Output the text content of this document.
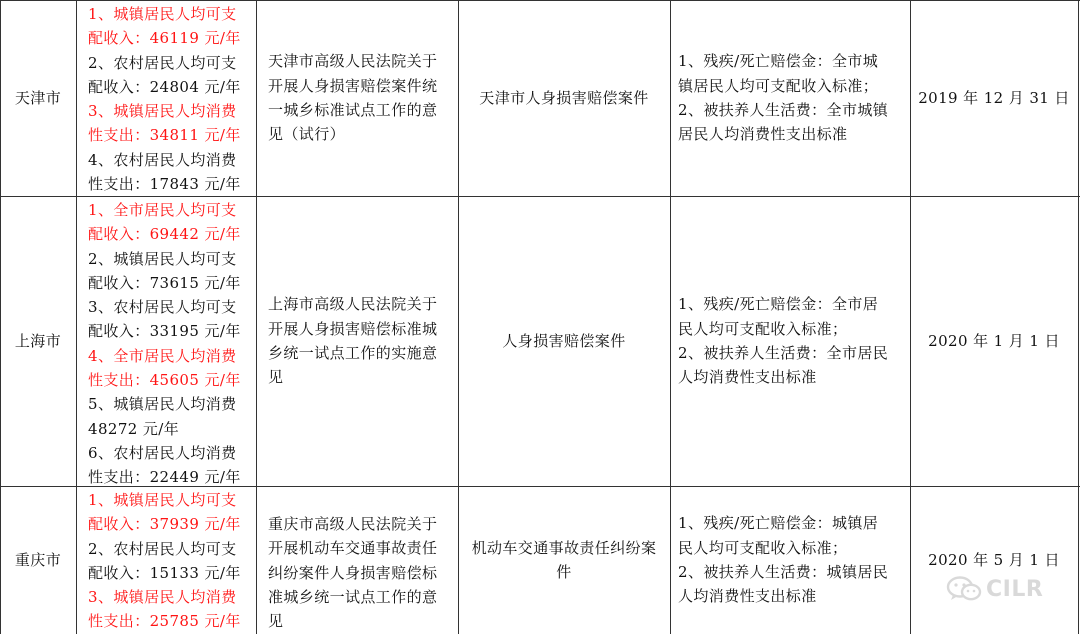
天津市
1、城镇居民人均可支
配收入：46119 元/年
2、农村居民人均可支
配收入：24804 元/年
3、城镇居民人均消费
性支出：34811 元/年
4、农村居民人均消费
性支出：17843 元/年
天津市高级人民法院关于
开展人身损害赔偿案件统
一城乡标准试点工作的意
见（试行）
天津市人身损害赔偿案件
1、残疾/死亡赔偿金：全市城
镇居民人均可支配收入标准；
2、被扶养人生活费：全市城镇
居民人均消费性支出标准
2019 年 12 月 31 日
上海市
1、全市居民人均可支
配收入：69442 元/年
2、城镇居民人均可支
配收入：73615 元/年
3、农村居民人均可支
配收入：33195 元/年
4、全市居民人均消费
性支出：45605 元/年
5、城镇居民人均消费
48272 元/年
6、农村居民人均消费
性支出：22449 元/年
上海市高级人民法院关于
开展人身损害赔偿标准城
乡统一试点工作的实施意
见
人身损害赔偿案件
1、残疾/死亡赔偿金：全市居
民人均可支配收入标准；
2、被扶养人生活费：全市居民
人均消费性支出标准
2020 年 1 月 1 日
重庆市
1、城镇居民人均可支
配收入：37939 元/年
2、农村居民人均可支
配收入：15133 元/年
3、城镇居民人均消费
性支出：25785 元/年
重庆市高级人民法院关于
开展机动车交通事故责任
纠纷案件人身损害赔偿标
准城乡统一试点工作的意
见
机动车交通事故责任纠纷案
件
1、残疾/死亡赔偿金：城镇居
民人均可支配收入标准；
2、被扶养人生活费：城镇居民
人均消费性支出标准
2020 年 5 月 1 日
CILR
